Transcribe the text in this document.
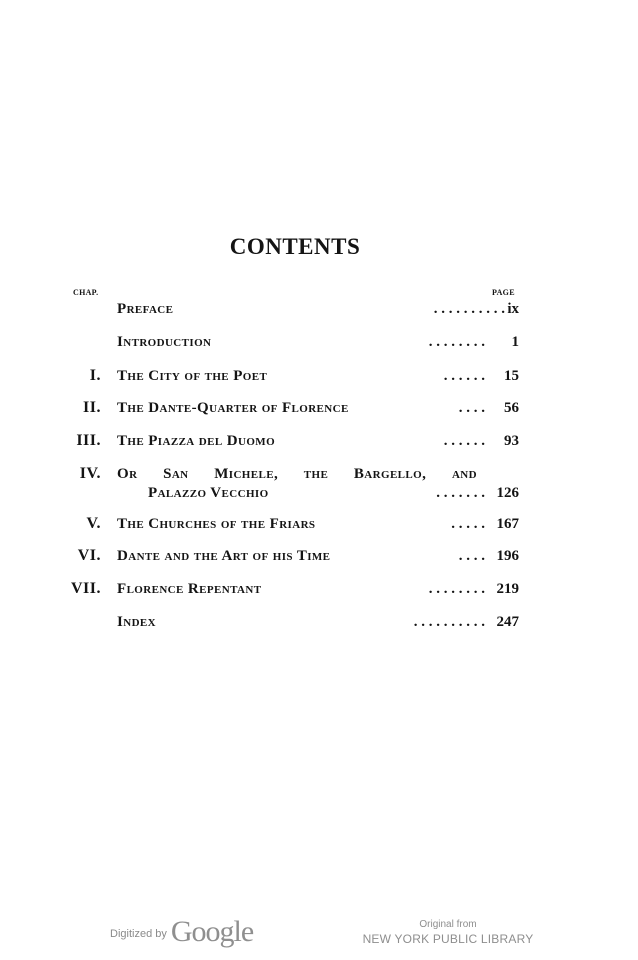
CONTENTS
CHAP.	PAGE
Preface	. . . . . . . . . . ix
Introduction	. . . . . . . . 1
I. The City of the Poet	. . . . . . 15
II. The Dante-Quarter of Florence	. . . . 56
III. The Piazza del Duomo	. . . . . . 93
IV. Or San Michele, the Bargello, and
Palazzo Vecchio	. . . . . . . 126
V. The Churches of the Friars	. . . . . 167
VI. Dante and the Art of his Time	. . . . 196
VII. Florence Repentant	. . . . . . . . 219
Index	. . . . . . . . . . 247
Digitized by Google	Original from
NEW YORK PUBLIC LIBRARY
